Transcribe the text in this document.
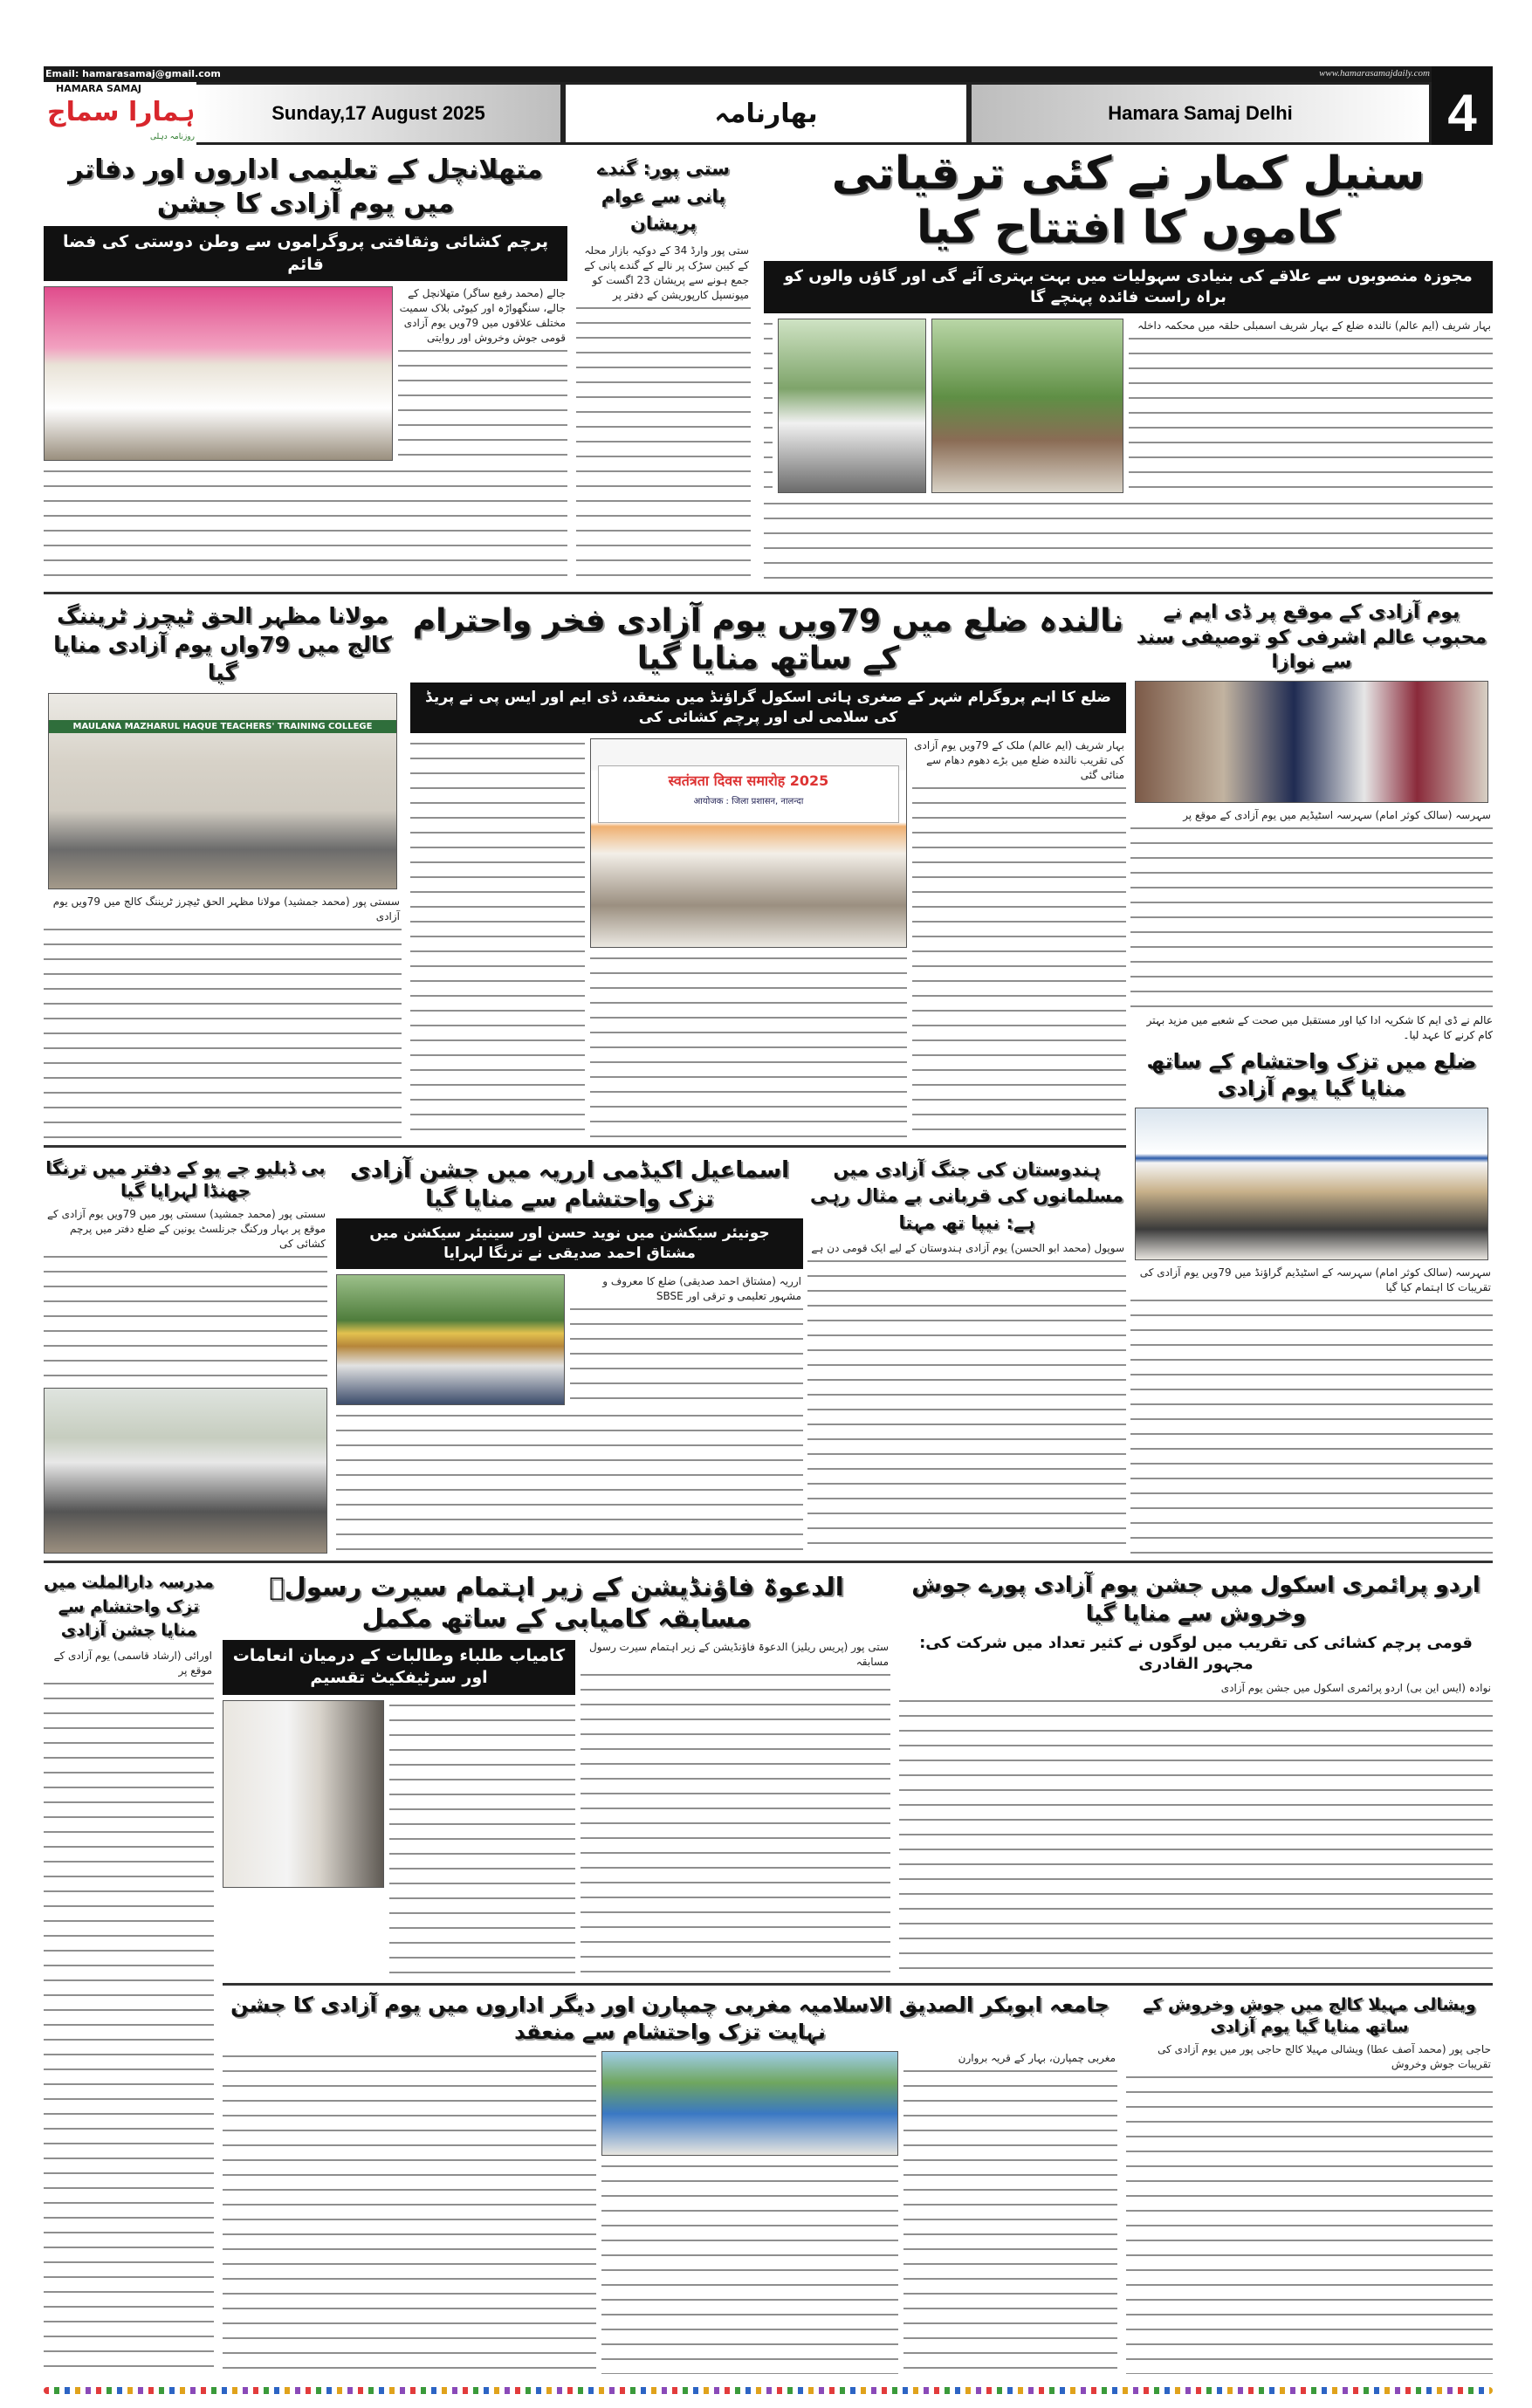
Email: hamarasamaj@gmail.com	www.hamarasamajdaily.com
HAMARA SAMAJ
ہمارا سماج
روزنامہ دہلی
Sunday,17 August 2025	بھارنامہ	Hamara Samaj Delhi	4
متھلانچل کے تعلیمی اداروں اور دفاتر میں یوم آزادی کا جشن
پرچم کشائی وثقافتی پروگراموں سے وطن دوستی کی فضا قائم
جالے (محمد رفیع ساگر) متھلانچل کے جالے، سنگھواڑہ اور کیوٹی بلاک سمیت مختلف علاقوں میں 79ویں یوم آزادی قومی جوش وخروش اور روایتی
ستی پور: گندے پانی سے عوام پریشان
ستی پور وارڈ 34 کے دوکیہ بازار محلہ کے کیبن سڑک پر نالے کے گندے پانی کے جمع ہونے سے پریشان 23 اگست کو میونسپل کارپوریشن کے دفتر پر
سنیل کمار نے کئی ترقیاتی کاموں کا افتتاح کیا
مجوزہ منصوبوں سے علاقے کی بنیادی سہولیات میں بہت بہتری آئے گی اور گاؤں والوں کو براہ راست فائدہ پہنچے گا
بہار شریف (ایم عالم) نالندہ ضلع کے بہار شریف اسمبلی حلقہ میں محکمہ داخلہ
مولانا مظہر الحق ٹیچرز ٹریننگ کالج میں 79واں یوم آزادی منایا گیا
MAULANA MAZHARUL HAQUE TEACHERS' TRAINING COLLEGE
سستی پور (محمد جمشید) مولانا مظہر الحق ٹیچرز ٹریننگ کالج میں 79ویں یوم آزادی
نالندہ ضلع میں 79ویں یوم آزادی فخر واحترام کے ساتھ منایا گیا
ضلع کا اہم پروگرام شہر کے صغری ہائی اسکول گراؤنڈ میں منعقد، ڈی ایم اور ایس پی نے پریڈ کی سلامی لی اور پرچم کشائی کی
स्वतंत्रता दिवस समारोह 2025
आयोजक : जिला प्रशासन, नालन्दा
بہار شریف (ایم عالم) ملک کے 79ویں یوم آزادی کی تقریب نالندہ ضلع میں بڑے دھوم دھام سے منائی گئی
یوم آزادی کے موقع پر ڈی ایم نے محبوب عالم اشرفی کو توصیفی سند سے نوازا
سہرسہ (سالک کوثر امام) سہرسہ اسٹیڈیم میں یوم آزادی کے موقع پر
عالم نے ڈی ایم کا شکریہ ادا کیا اور مستقبل میں صحت کے شعبے میں مزید بہتر کام کرنے کا عہد لیا۔
ضلع میں تزک واحتشام کے ساتھ منایا گیا یوم آزادی
سہرسہ (سالک کوثر امام) سہرسہ کے اسٹیڈیم گراؤنڈ میں 79ویں یوم آزادی کی تقریبات کا اہتمام کیا گیا
بی ڈبلیو جے یو کے دفتر میں ترنگا جھنڈا لہرایا گیا
سستی پور (محمد جمشید) سستی پور میں 79ویں یوم آزادی کے موقع پر بہار ورکنگ جرنلسٹ یونین کے ضلع دفتر میں پرچم کشائی کی
اسماعیل اکیڈمی ارریہ میں جشن آزادی تزک واحتشام سے منایا گیا
جونیئر سیکشن میں نوید حسن اور سینیئر سیکشن میں مشتاق احمد صدیقی نے ترنگا لہرایا
ارریہ (مشتاق احمد صدیقی) ضلع کا معروف و مشہور تعلیمی و ترقی اور SBSE
ہندوستان کی جنگ آزادی میں مسلمانوں کی قربانی بے مثال رہی ہے: نیپا تھ مہتا
سوپول (محمد ابو الحسن) یوم آزادی ہندوستان کے لیے ایک قومی دن ہے
مدرسہ دارالملت میں تزک واحتشام سے منایا جشن آزادی
اورائی (ارشاد قاسمی) یوم آزادی کے موقع پر
الدعوۃ فاؤنڈیشن کے زیر اہتمام سیرت رسولؐ مسابقہ کامیابی کے ساتھ مکمل
کامیاب طلباء وطالبات کے درمیان انعامات اور سرٹیفکیٹ تقسیم
ستی پور (پریس ریلیز) الدعوۃ فاؤنڈیشن کے زیر اہتمام سیرت رسول مسابقہ
اردو پرائمری اسکول میں جشن یوم آزادی پورے جوش وخروش سے منایا گیا
قومی پرچم کشائی کی تقریب میں لوگوں نے کثیر تعداد میں شرکت کی: مجہور القادری
نوادہ (ایس این بی) اردو پرائمری اسکول میں جشن یوم آزادی
جامعہ ابوبکر الصدیق الاسلامیہ مغربی چمپارن اور دیگر اداروں میں یوم آزادی کا جشن نہایت تزک واحتشام سے منعقد
مغربی چمپارن، بہار کے قریہ بروارن
ویشالی مہیلا کالج میں جوش وخروش کے ساتھ منایا گیا یوم آزادی
حاجی پور (محمد آصف عطا) ویشالی مہیلا کالج حاجی پور میں یوم آزادی کی تقریبات جوش وخروش
